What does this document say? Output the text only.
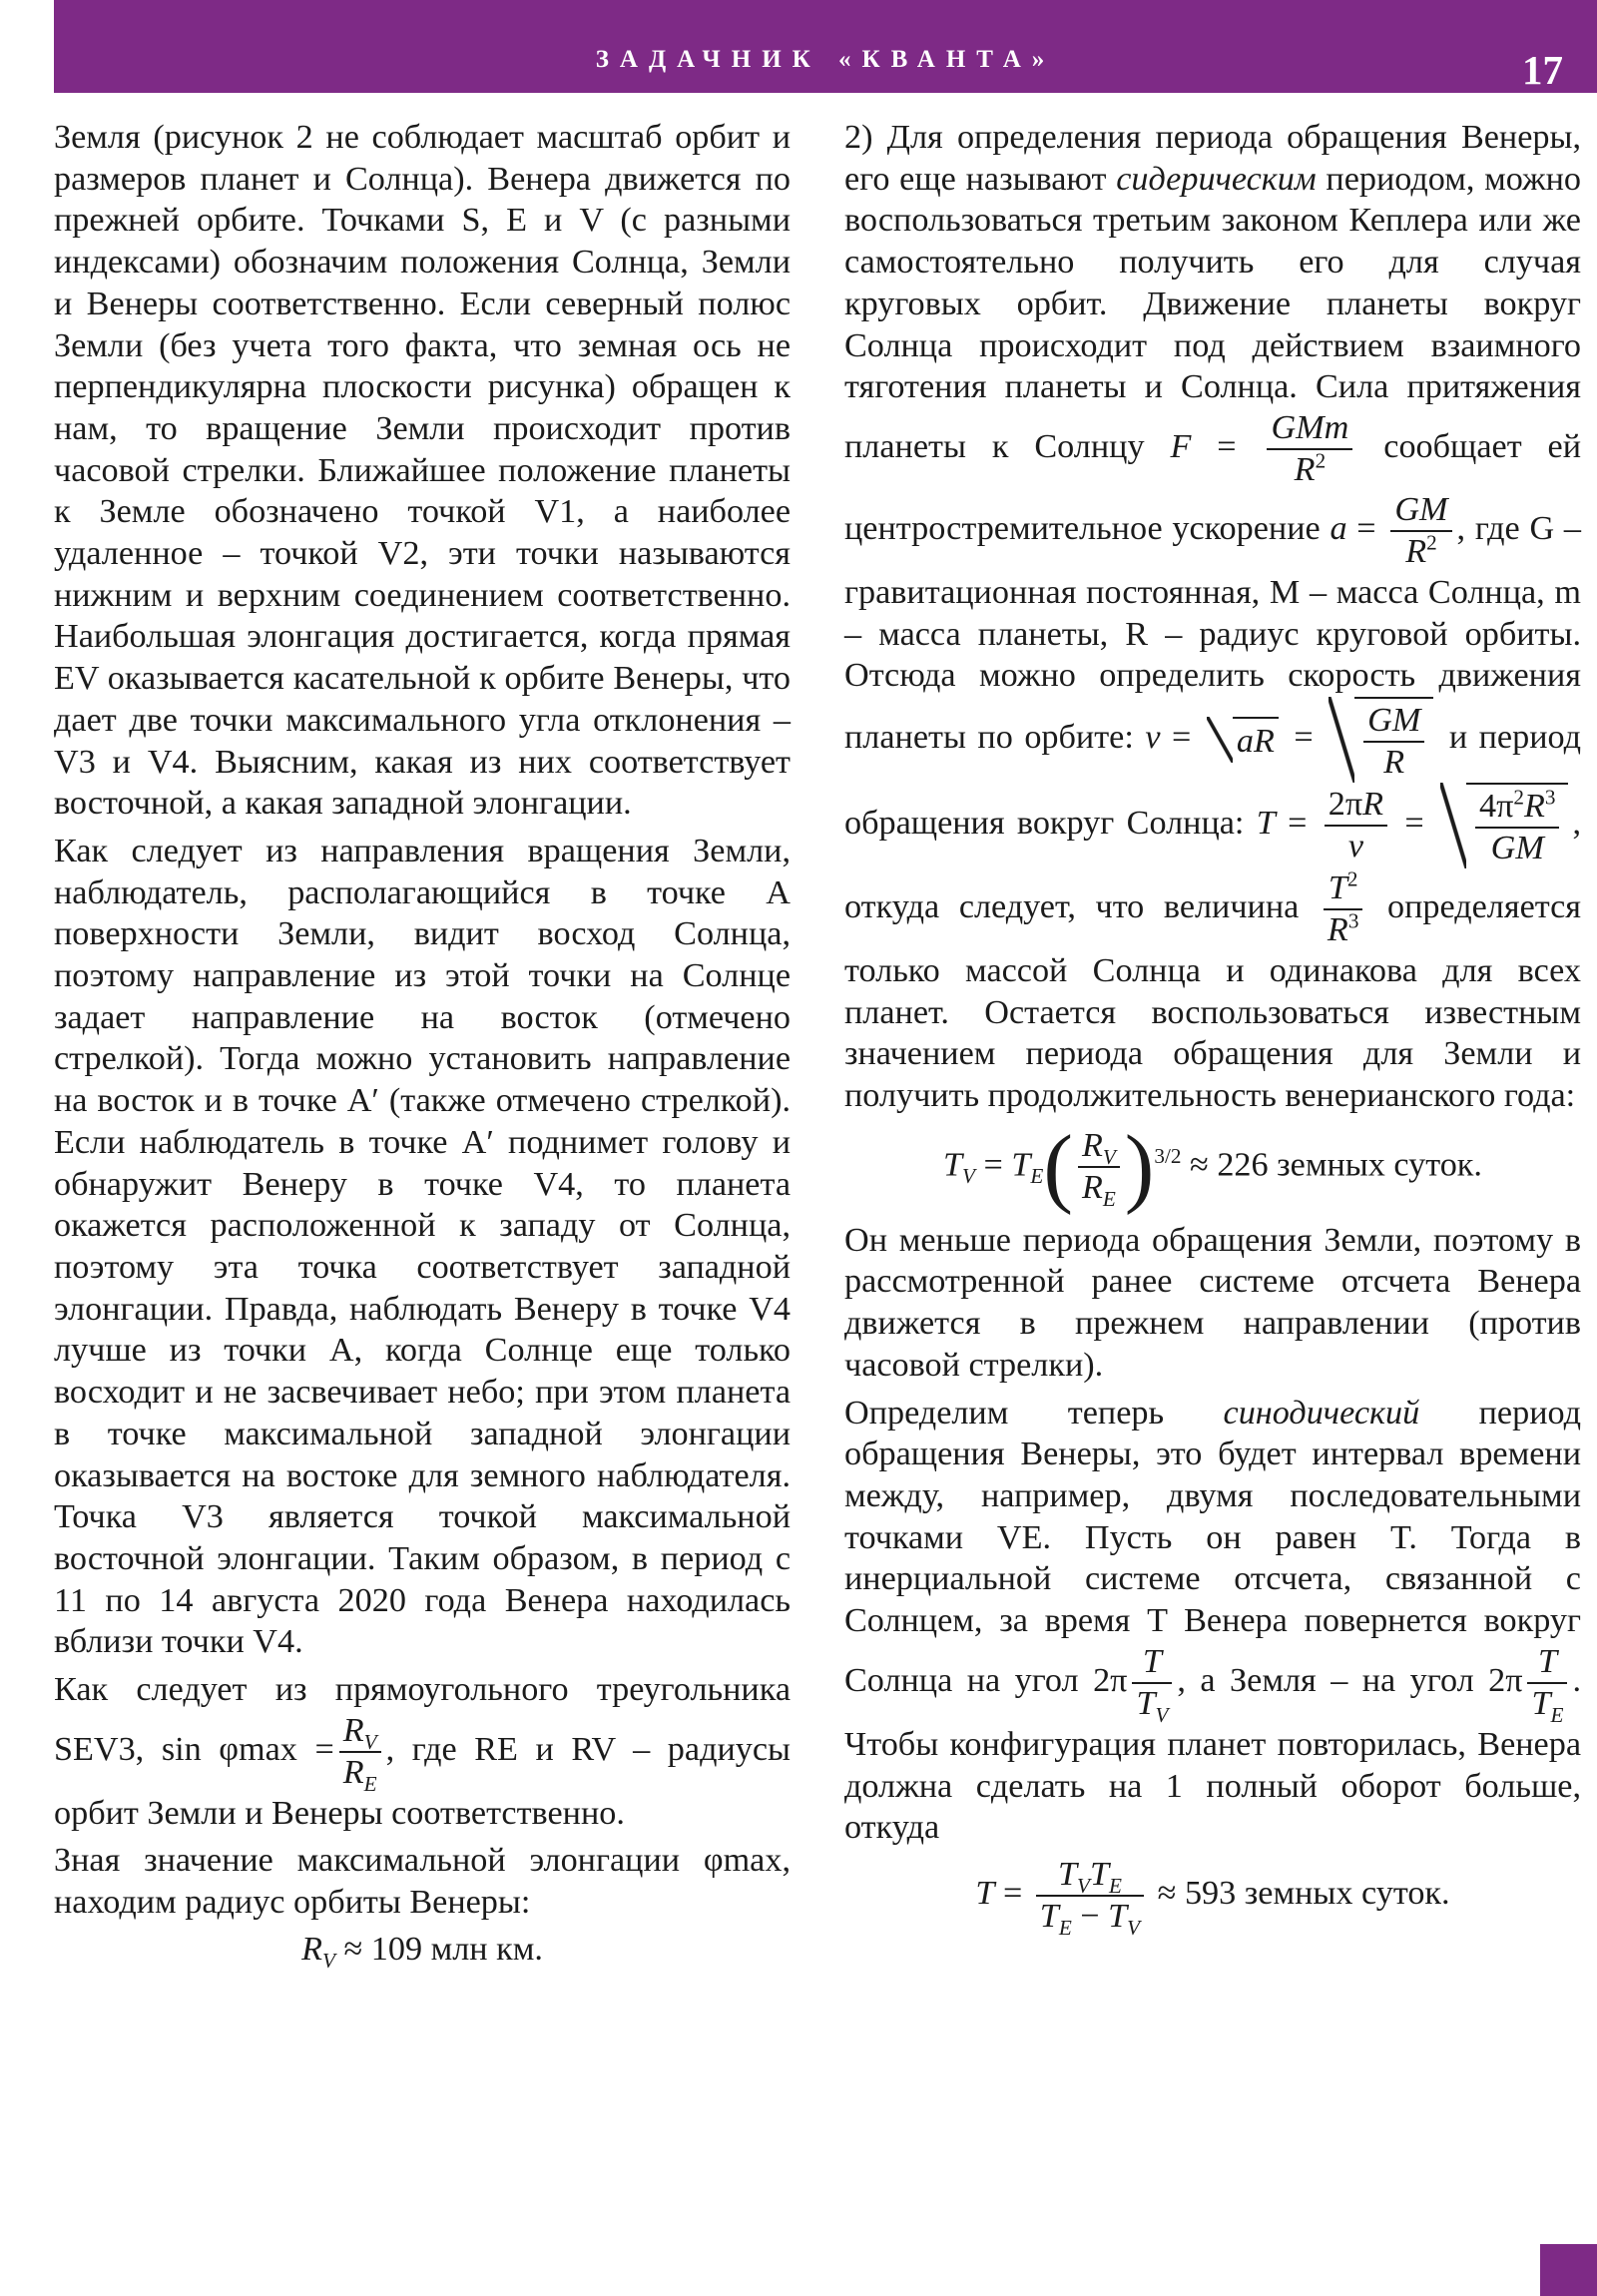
ЗАДАЧНИК «КВАНТА»	17

Земля (рисунок 2 не соблюдает масштаб орбит и размеров планет и Солнца). Венера движется по прежней орбите. Точками S, E и V (с разными индексами) обозначим положения Солнца, Земли и Венеры соответственно. Если северный полюс Земли (без учета того факта, что земная ось не перпендикулярна плоскости рисунка) обращен к нам, то вращение Земли происходит против часовой стрелки. Ближайшее положение планеты к Земле обозначено точкой V1, а наиболее удаленное – точкой V2, эти точки называются нижним и верхним соединением соответственно. Наибольшая элонгация достигается, когда прямая EV оказывается касательной к орбите Венеры, что дает две точки максимального угла отклонения – V3 и V4. Выясним, какая из них соответствует восточной, а какая западной элонгации.

Как следует из направления вращения Земли, наблюдатель, располагающийся в точке A поверхности Земли, видит восход Солнца, поэтому направление из этой точки на Солнце задает направление на восток (отмечено стрелкой). Тогда можно установить направление на восток и в точке A′ (также отмечено стрелкой). Если наблюдатель в точке A′ поднимет голову и обнаружит Венеру в точке V4, то планета окажется расположенной к западу от Солнца, поэтому эта точка соответствует западной элонгации. Правда, наблюдать Венеру в точке V4 лучше из точки A, когда Солнце еще только восходит и не засвечивает небо; при этом планета в точке максимальной западной элонгации оказывается на востоке для земного наблюдателя. Точка V3 является точкой максимальной восточной элонгации. Таким образом, в период с 11 по 14 августа 2020 года Венера находилась вблизи точки V4.

Как следует из прямоугольного треугольника SEV3, $\sin \varphi\max = \frac{R_V}{R_E}$ , где RE и RV – радиусы орбит Земли и Венеры соответственно.

Зная значение максимальной элонгации φmax, находим радиус орбиты Венеры:

$R_V \approx 109$ млн км.

2) Для определения периода обращения Венеры, его еще называют сидерическим периодом, можно воспользоваться третьим законом Кеплера или же самостоятельно получить его для случая круговых орбит. Движение планеты вокруг Солнца происходит под действием взаимного тяготения планеты и Солнца. Сила притяжения планеты к Солнцу F =
GMm
$R^2$	сообщает ей центростремительное ускорение $a = \frac{GM}{R^2}$ , где G – гравитационная постоянная, M – масса Солнца, m – масса планеты, R – радиус круговой орбиты. Отсюда можно определить скорость движения планеты по орбите: v = aR = $\frac{GM}{R}$ и период обращения вокруг Солнца: $T = \frac{2\pi R}{v} = \frac{4\pi^2R^3}{GM}$ , откуда следует, что величина $\frac{T^2}{R^3}$ определяется только массой Солнца и одинакова для всех планет. Остается воспользоваться известным значением периода обращения для Земли и получить продолжительность венерианского года:

$T_V = T_E( \frac{R_V}{R_E} )^{3/2} \approx 226$ земных суток.

Он меньше периода обращения Земли, поэтому в рассмотренной ранее системе отсчета Венера движется в прежнем направлении (против часовой стрелки).

Определим теперь синодический период обращения Венеры, это будет интервал времени между, например, двумя последовательными точками VE. Пусть он равен T. Тогда в инерциальной системе отсчета, связанной с Солнцем, за время T Венера повернется вокруг Солнца на угол $2\pi \frac{T}{T_V}$ , а Земля – на угол $2\pi \frac{T}{T_E}$ . Чтобы конфигурация планет повторилась, Венера должна сделать на 1 полный оборот больше, откуда

T =
$T_VT_E$
$T_E - T_V$
≈ 593 земных суток.
